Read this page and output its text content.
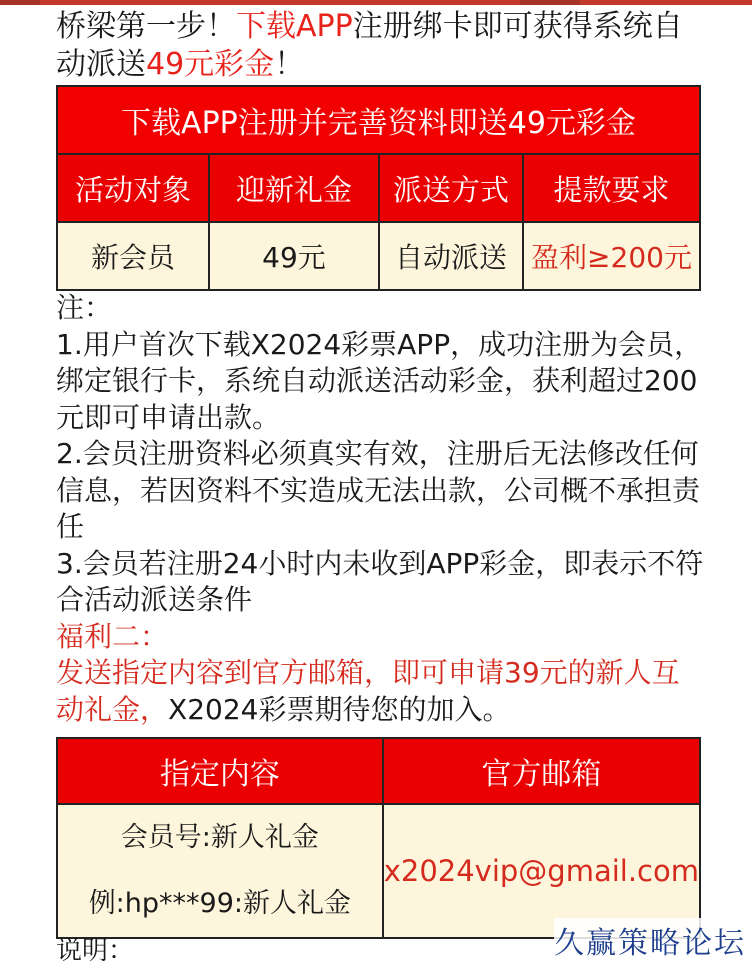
桥梁第一步！下载APP注册绑卡即可获得系统自动派送49元彩金！

下载APP注册并完善资料即送49元彩金			
活动对象	迎新礼金	派送方式	提款要求
新会员	49元	自动派送	盈利≥200元

注：

1.用户首次下载X2024彩票APP，成功注册为会员，绑定银行卡，系统自动派送活动彩金，获利超过200元即可申请出款。

2.会员注册资料必须真实有效，注册后无法修改任何信息，若因资料不实造成无法出款，公司概不承担责任

3.会员若注册24小时内未收到APP彩金，即表示不符合活动派送条件

福利二：

发送指定内容到官方邮箱，即可申请39元的新人互动礼金，X2024彩票期待您的加入。

指定内容	官方邮箱

会员号:新人礼金
例:hp***99:新人礼金	x2024vip@gmail.com
说明：	久赢策略论坛
